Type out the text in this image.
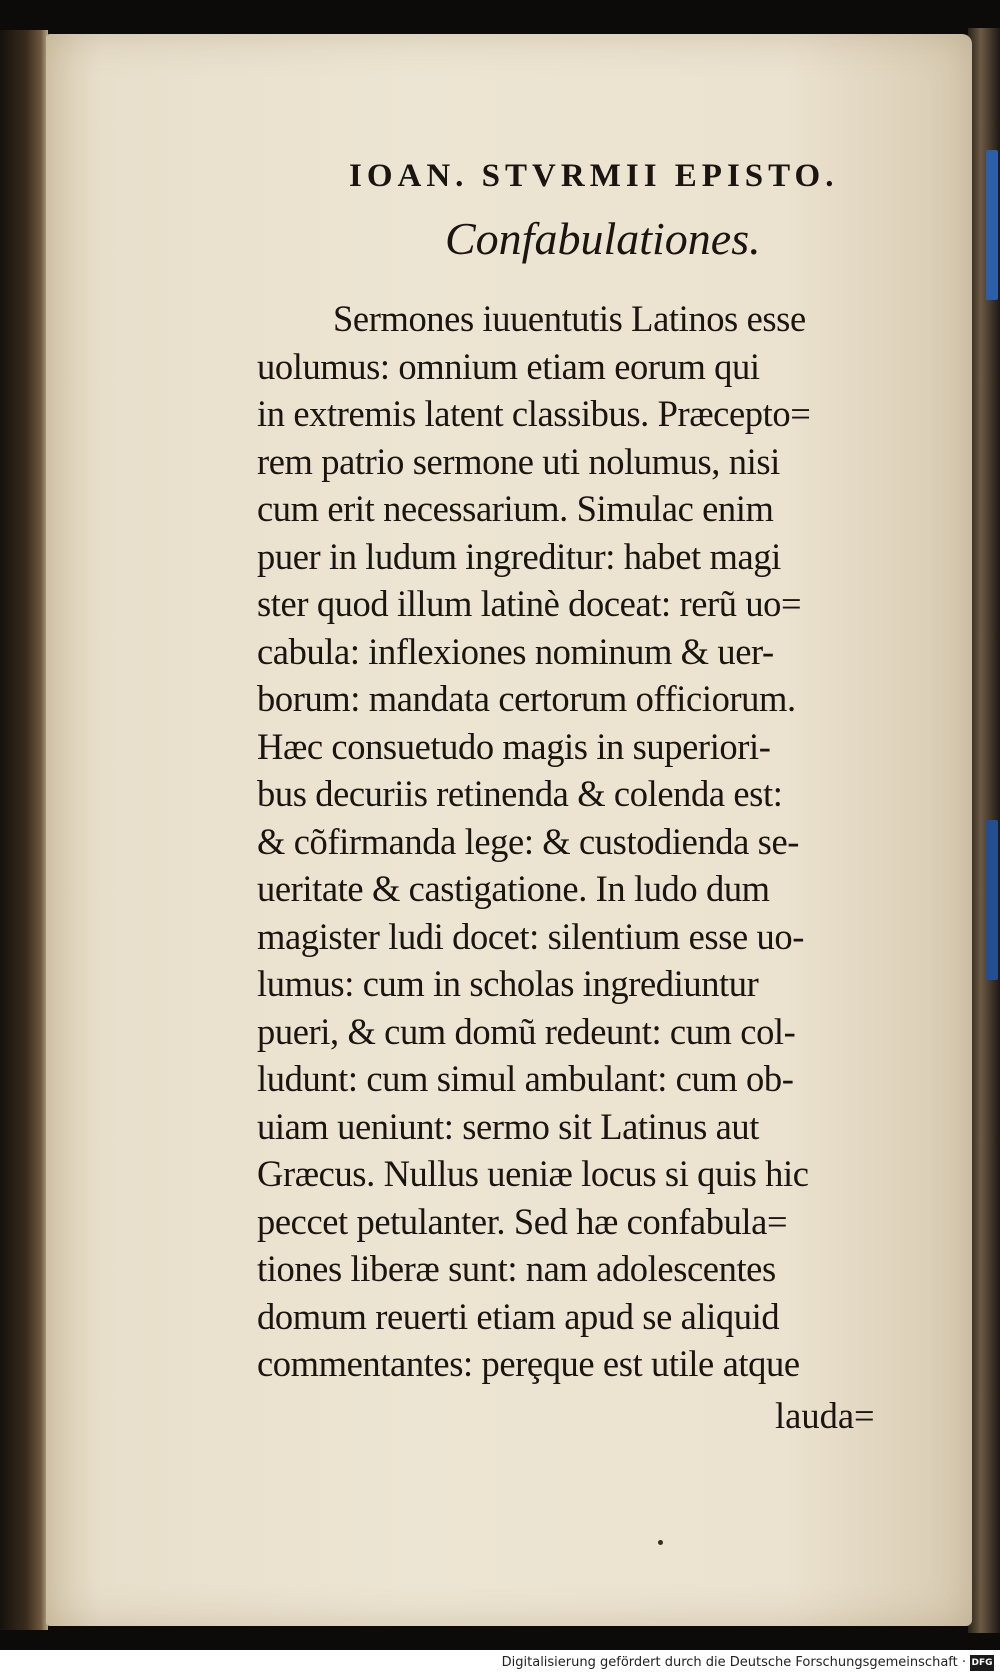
IOAN. STVRMII EPISTO.
Confabulationes.

Sermones iuuentutis Latinos esse

uolumus: omnium etiam eorum qui

in extremis latent classibus. Præcepto=

rem patrio sermone uti nolumus, nisi

cum erit necessarium. Simulac enim

puer in ludum ingreditur: habet magi

ster quod illum latinè doceat: rerũ uo=

cabula: inflexiones nominum & uer-

borum: mandata certorum officiorum.

Hæc consuetudo magis in superiori-

bus decuriis retinenda & colenda est:

& cõfirmanda lege: & custodienda se-

ueritate & castigatione. In ludo dum

magister ludi docet: silentium esse uo-

lumus: cum in scholas ingrediuntur

pueri, & cum domũ redeunt: cum col-

ludunt: cum simul ambulant: cum ob-

uiam ueniunt: sermo sit Latinus aut

Græcus. Nullus ueniæ locus si quis hic

peccet petulanter. Sed hæ confabula=

tiones liberæ sunt: nam adolescentes

domum reuerti etiam apud se aliquid

commentantes: perȩque est utile atque

lauda=
Digitalisierung gefördert durch die Deutsche Forschungsgemeinschaft · DFG
